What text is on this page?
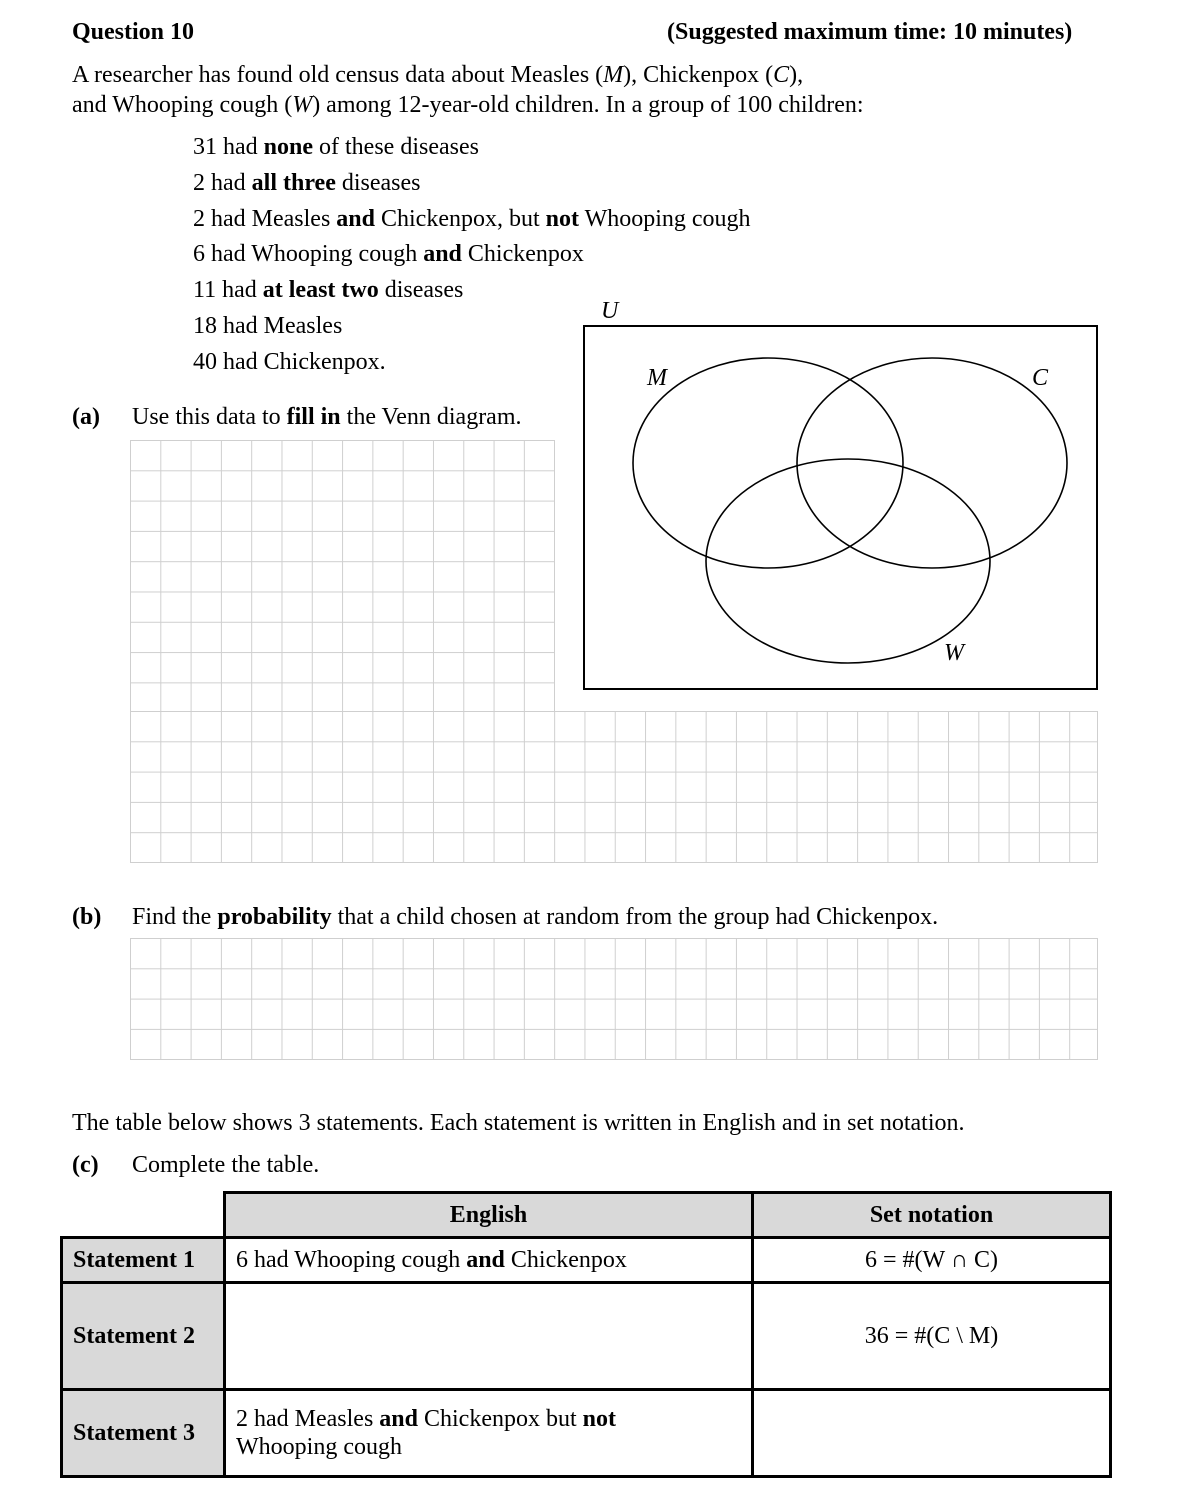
Question 10	(Suggested maximum time: 10 minutes)
A researcher has found old census data about Measles (M), Chickenpox (C),
and Whooping cough (W) among 12-year-old children. In a group of 100 children:
31 had none of these diseases
2 had all three diseases
2 had Measles and Chickenpox, but not Whooping cough
6 had Whooping cough and Chickenpox
11 had at least two diseases
18 had Measles
40 had Chickenpox.
(a) Use this data to fill in the Venn diagram.
U
M	C
W
(b) Find the probability that a child chosen at random from the group had Chickenpox.
The table below shows 3 statements. Each statement is written in English and in set notation.
(c) Complete the table.
	English	Set notation
Statement 1	6 had Whooping cough and Chickenpox	6 = #(W ∩ C)
Statement 2		36 = #(C \ M)
Statement 3	2 had Measles and Chickenpox but not
Whooping cough	
